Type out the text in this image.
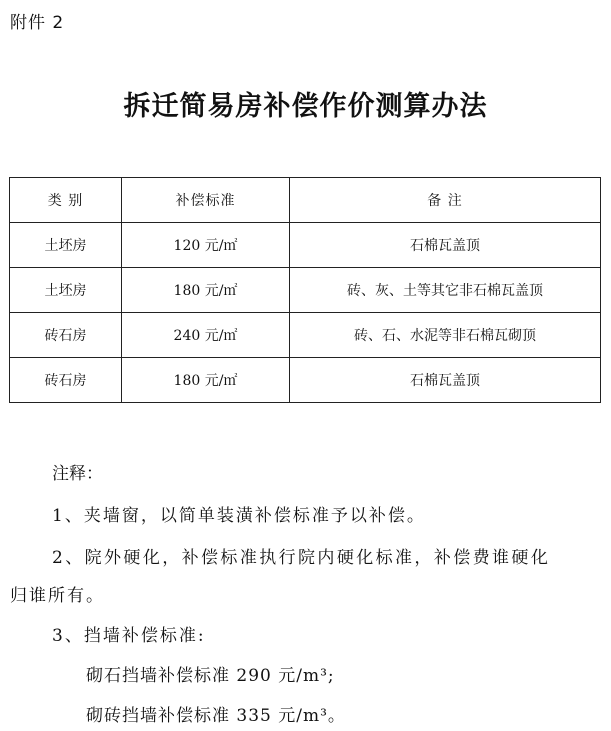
附件 2
拆迁简易房补偿作价测算办法
类 别	补偿标准	备 注
土坯房	120 元/㎡	石棉瓦盖顶
土坯房	180 元/㎡	砖、灰、土等其它非石棉瓦盖顶
砖石房	240 元/㎡	砖、石、水泥等非石棉瓦砌顶
砖石房	180 元/㎡	石棉瓦盖顶
注释：
1、夹墙窗，以简单装潢补偿标准予以补偿。
2、院外硬化，补偿标准执行院内硬化标准，补偿费谁硬化
归谁所有。
3、挡墙补偿标准:
砌石挡墙补偿标准 290 元/m³;
砌砖挡墙补偿标准 335 元/m³。
